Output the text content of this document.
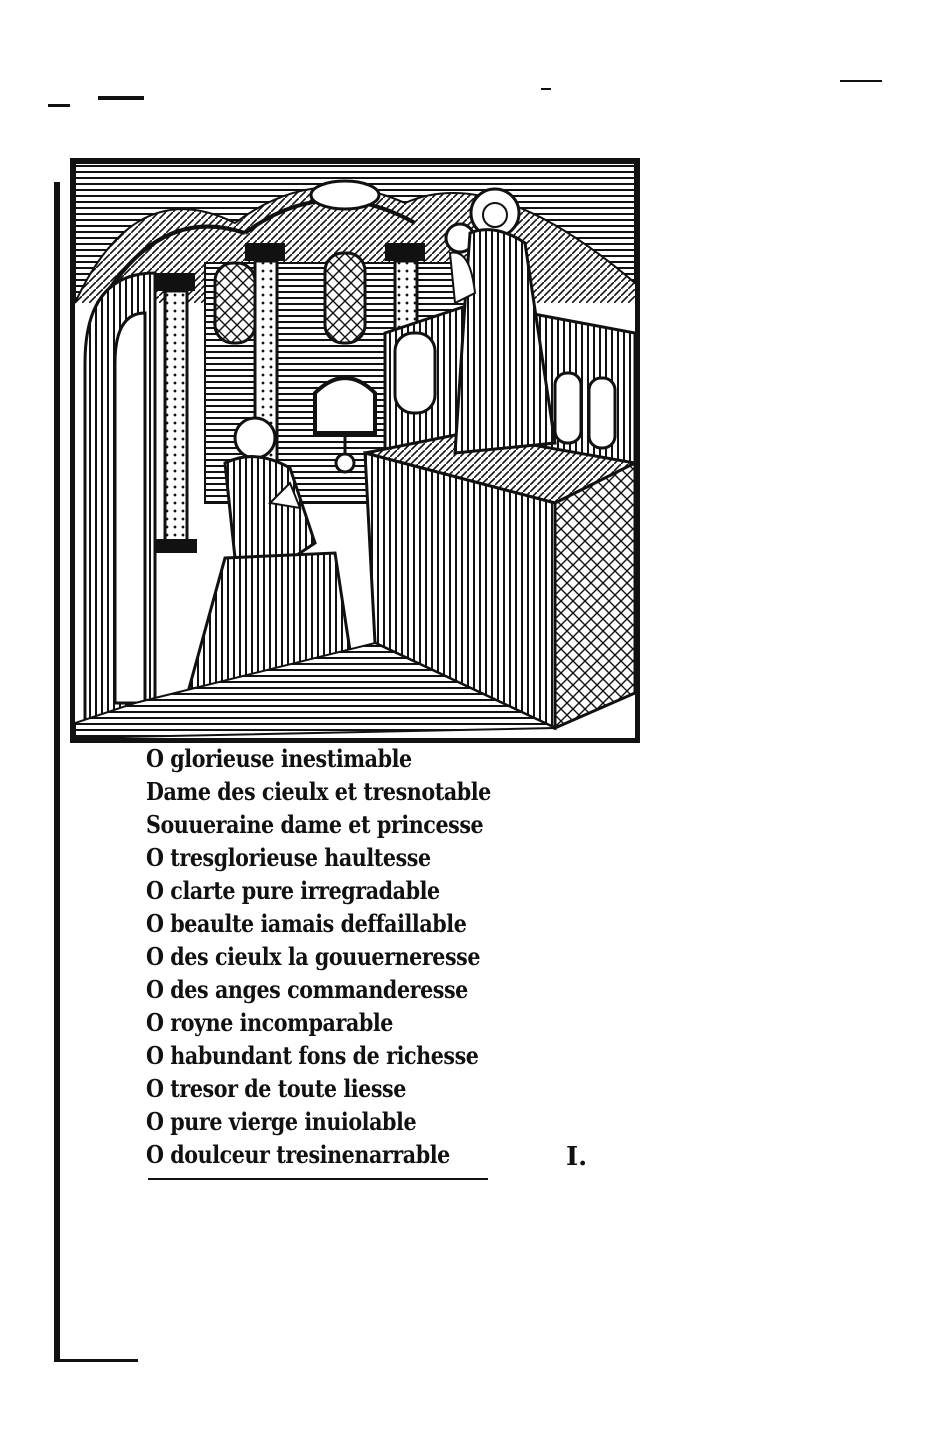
O glorieuse inestimable
Dame des cieulx et tresnotable
Souueraine dame et princesse
O tresglorieuse haultesse
O clarte pure irregradable
O beaulte iamais deffaillable
O des cieulx la gouuerneresse
O des anges commanderesse
O royne incomparable
O habundant fons de richesse
O tresor de toute liesse
O pure vierge inuiolable
O doulceur tresinenarrable	I.
